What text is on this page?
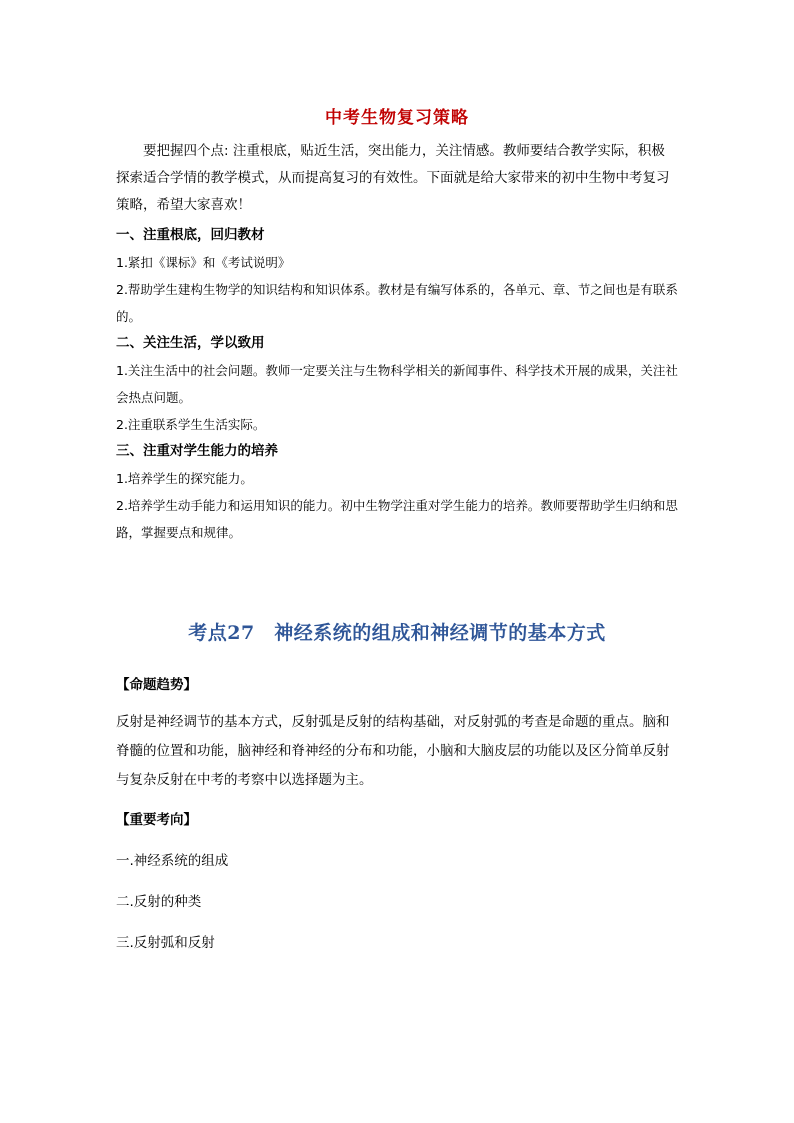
中考生物复习策略
要把握四个点: 注重根底，贴近生活，突出能力，关注情感。教师要结合教学实际，积极探索适合学情的教学模式，从而提高复习的有效性。下面就是给大家带来的初中生物中考复习策略，希望大家喜欢！
一、注重根底，回归教材
1.紧扣《课标》和《考试说明》
2.帮助学生建构生物学的知识结构和知识体系。教材是有编写体系的，各单元、章、节之间也是有联系的。
二、关注生活，学以致用
1.关注生活中的社会问题。教师一定要关注与生物科学相关的新闻事件、科学技术开展的成果，关注社会热点问题。
2.注重联系学生生活实际。
三、注重对学生能力的培养
1.培养学生的探究能力。
2.培养学生动手能力和运用知识的能力。初中生物学注重对学生能力的培养。教师要帮助学生归纳和思路，掌握要点和规律。
考点27　神经系统的组成和神经调节的基本方式
【命题趋势】
反射是神经调节的基本方式，反射弧是反射的结构基础，对反射弧的考查是命题的重点。脑和脊髓的位置和功能，脑神经和脊神经的分布和功能，小脑和大脑皮层的功能以及区分简单反射与复杂反射在中考的考察中以选择题为主。
【重要考向】
一.神经系统的组成
二.反射的种类
三.反射弧和反射
